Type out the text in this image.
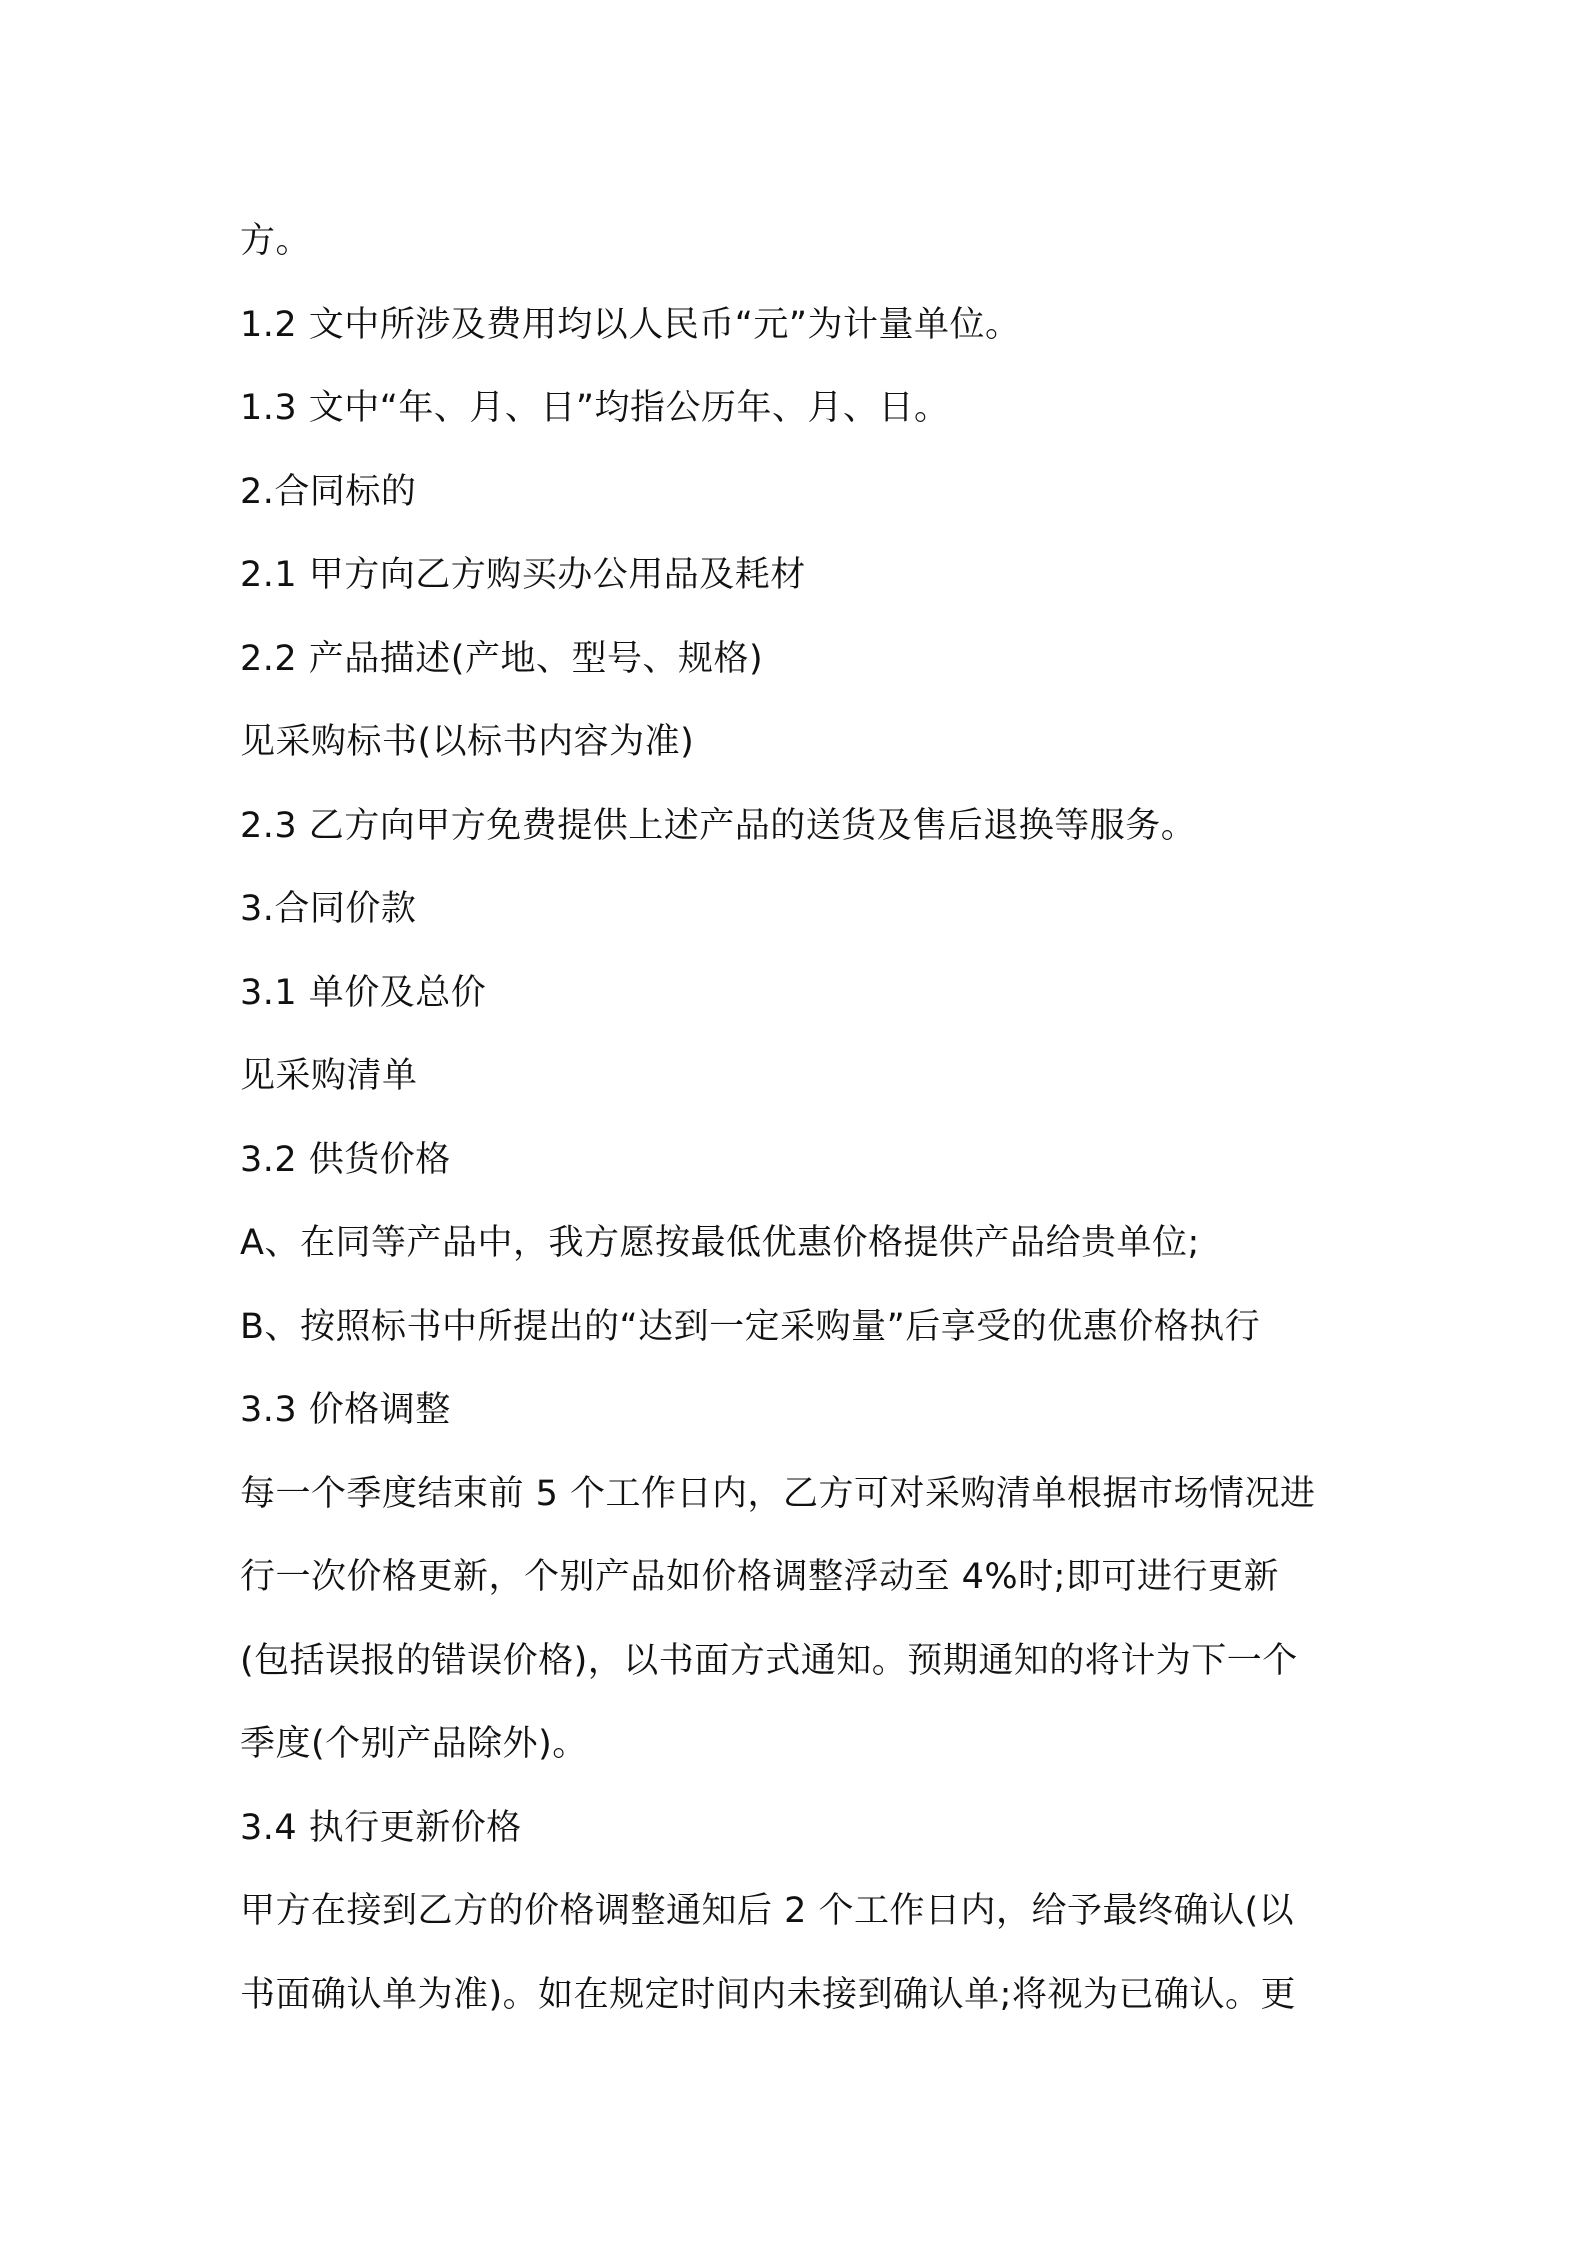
方。
1.2 文中所涉及费用均以人民币“元”为计量单位。
1.3 文中“年、月、日”均指公历年、月、日。
2.合同标的
2.1 甲方向乙方购买办公用品及耗材
2.2 产品描述(产地、型号、规格)
见采购标书(以标书内容为准)
2.3 乙方向甲方免费提供上述产品的送货及售后退换等服务。
3.合同价款
3.1 单价及总价
见采购清单
3.2 供货价格
A、在同等产品中，我方愿按最低优惠价格提供产品给贵单位;
B、按照标书中所提出的“达到一定采购量”后享受的优惠价格执行
3.3 价格调整
每一个季度结束前 5 个工作日内，乙方可对采购清单根据市场情况进
行一次价格更新，个别产品如价格调整浮动至 4%时;即可进行更新
(包括误报的错误价格)，以书面方式通知。预期通知的将计为下一个
季度(个别产品除外)。
3.4 执行更新价格
甲方在接到乙方的价格调整通知后 2 个工作日内，给予最终确认(以
书面确认单为准)。如在规定时间内未接到确认单;将视为已确认。更
